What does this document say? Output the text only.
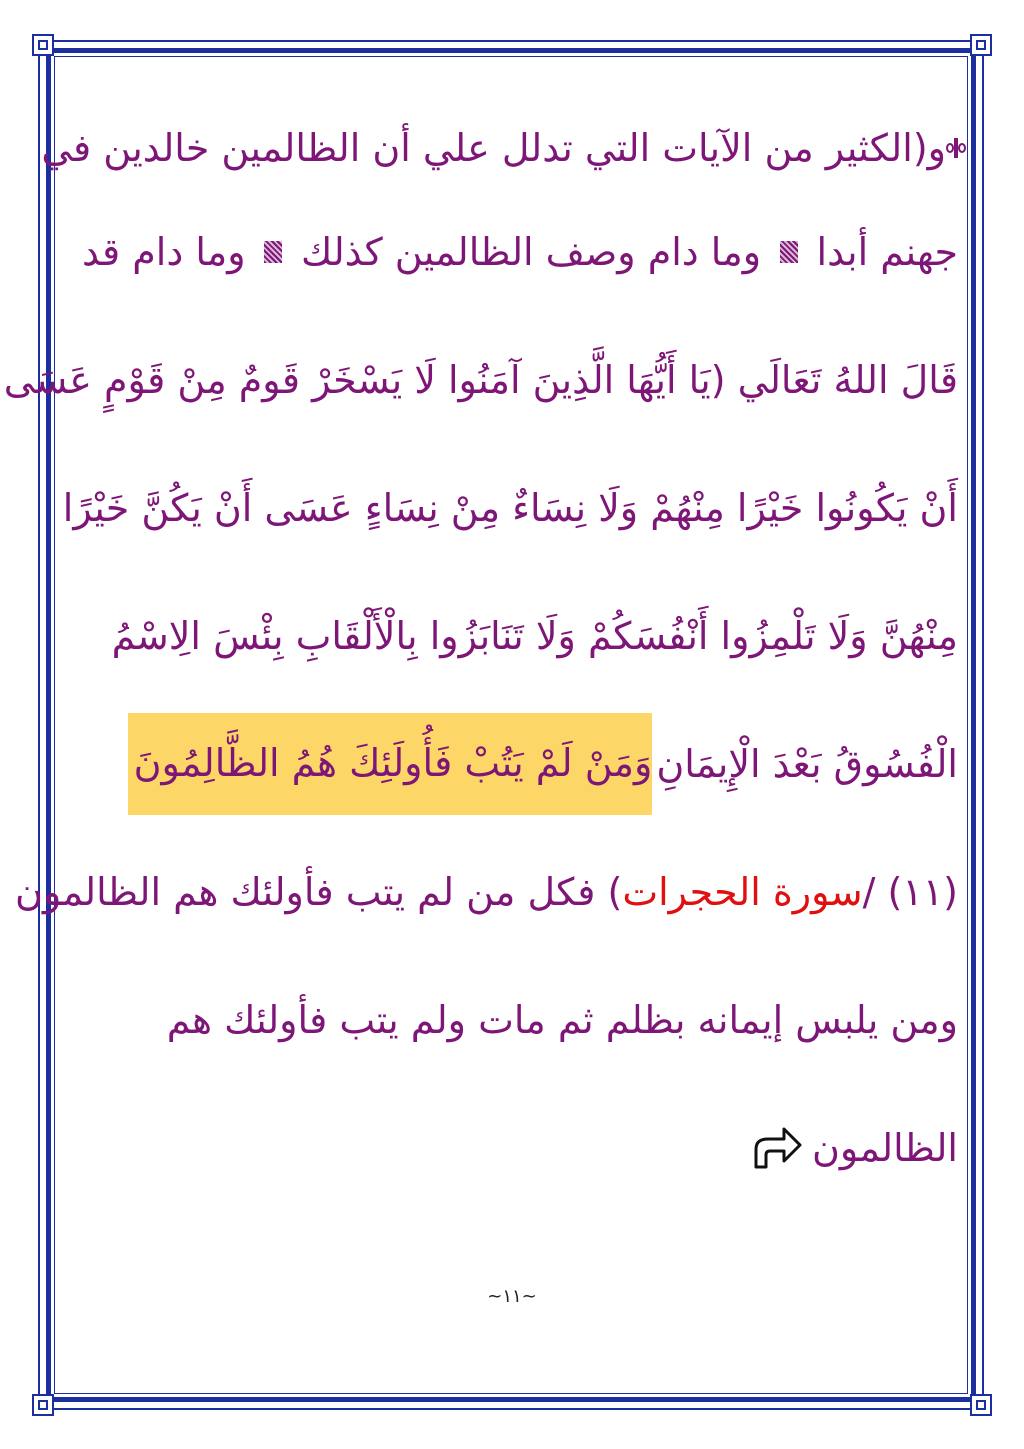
و(الكثير من الآيات التي تدلل علي أن الظالمين خالدين في
جهنم أبدا
وما دام وصف الظالمين كذلك
وما دام قد
قَالَ اللهُ تَعَالَي (يَا أَيُّهَا الَّذِينَ آمَنُوا لَا يَسْخَرْ قَومٌ مِنْ قَوْمٍ عَسَى
أَنْ يَكُونُوا خَيْرًا مِنْهُمْ وَلَا نِسَاءٌ مِنْ نِسَاءٍ عَسَى أَنْ يَكُنَّ خَيْرًا
مِنْهُنَّ وَلَا تَلْمِزُوا أَنْفُسَكُمْ وَلَا تَنَابَزُوا بِالْأَلْقَابِ بِئْسَ الِاسْمُ
الْفُسُوقُ بَعْدَ الْإِيمَانِ
وَمَنْ لَمْ يَتُبْ فَأُولَئِكَ هُمُ الظَّالِمُونَ
(١١) /
سورة الحجرات
) فكل من لم يتب فأولئك هم الظالمون
ومن يلبس إيمانه بظلم ثم مات ولم يتب فأولئك هم
الظالمون
~١١~
